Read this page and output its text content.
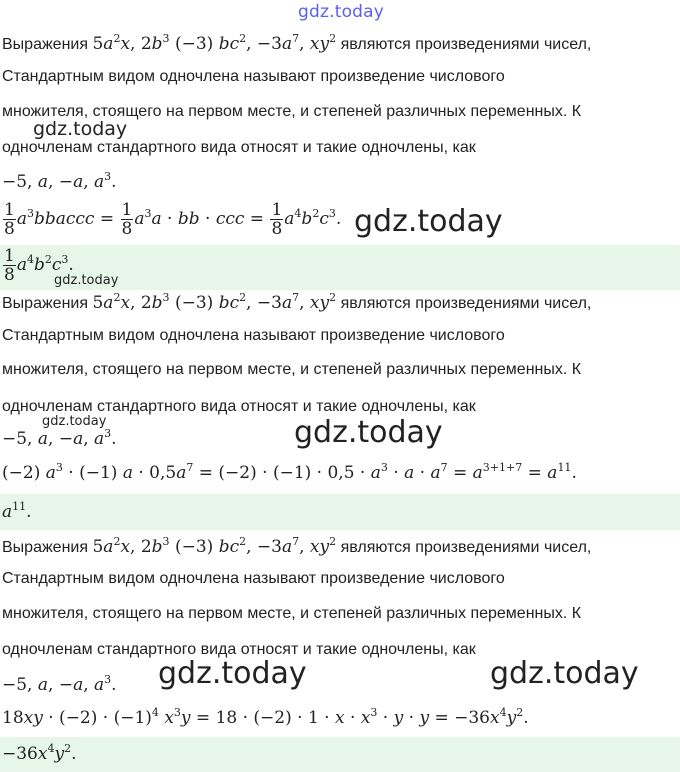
gdz.today
Выражения $5a^2x$, $2b^3$ (−3) $bc^2$, $-3a^7$, $xy^2$ являются произведениями чисел,
Стандартным видом одночлена называют произведение числового
множителя, стоящего на первом месте, и степеней различных переменных. К
gdz.today
одночленам стандартного вида относят и такие одночлены, как
−5, a, −a, $a^3$.
$\frac{1}{8}$ $a^3bbaccc = \frac{1}{8} a^3a$ · bb · ccc = $\frac{1}{8} a^4b^2c^3$. gdz.today
$\frac{1}{8} a^4b^2c^3$.
gdz.today
Выражения $5a^2x$, $2b^3$ (−3) $bc^2$, $-3a^7$, $xy^2$ являются произведениями чисел,
Стандартным видом одночлена называют произведение числового
множителя, стоящего на первом месте, и степеней различных переменных. К
одночленам стандартного вида относят и такие одночлены, как
gdz.today
−5, a, −a, $a^3$.	gdz.today
(−2) $a^3 \cdot (-1) a \cdot 0,5a^7 = (-2) \cdot (-1) \cdot 0,5 \cdot a^3 \cdot a \cdot a^7 = a^{3+1+7} = a^{11}$.
$a^{11}$.
Выражения $5a^2x$, $2b^3$ (−3) $bc^2$, $-3a^7$, $xy^2$ являются произведениями чисел,
Стандартным видом одночлена называют произведение числового
множителя, стоящего на первом месте, и степеней различных переменных. К
одночленам стандартного вида относят и такие одночлены, как
−5, a, −a, $a^3$. gdz.today	gdz.today
$18xy \cdot (-2) \cdot (-1)^4$ $x^3y = 18 \cdot (-2) \cdot 1 \cdot x \cdot x^3 \cdot y \cdot y = -36x^4y^2$.
$-36x^4y^2$.
